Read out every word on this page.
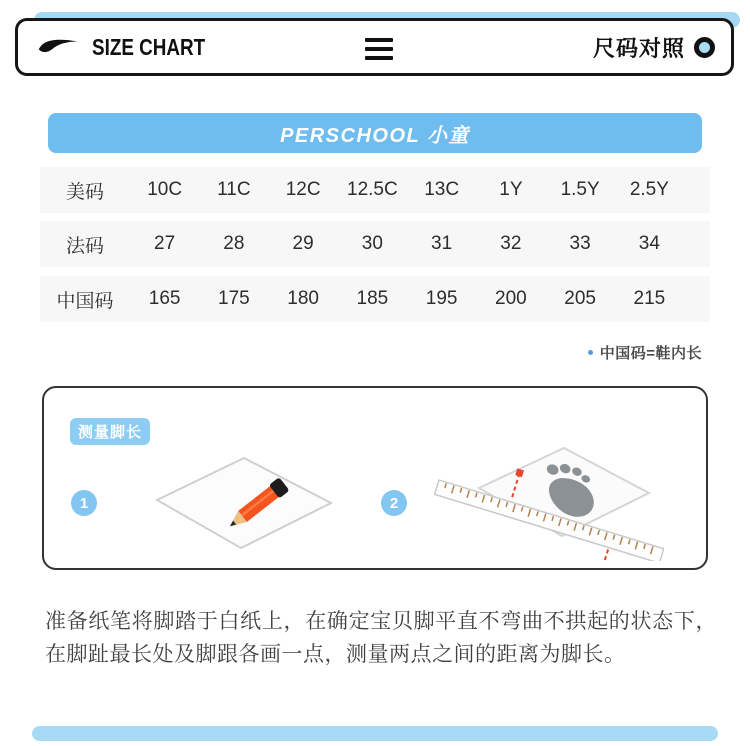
SIZE CHART	尺码对照
PERSCHOOL 小童
美码	10C	11C	12C	12.5C	13C	1Y	1.5Y	2.5Y
法码	27	28	29	30	31	32	33	34
中国码	165	175	180	185	195	200	205	215
中国码=鞋内长
测量脚长
1	2
准备纸笔将脚踏于白纸上，在确定宝贝脚平直不弯曲不拱起的状态下，在脚趾最长处及脚跟各画一点，测量两点之间的距离为脚长。
